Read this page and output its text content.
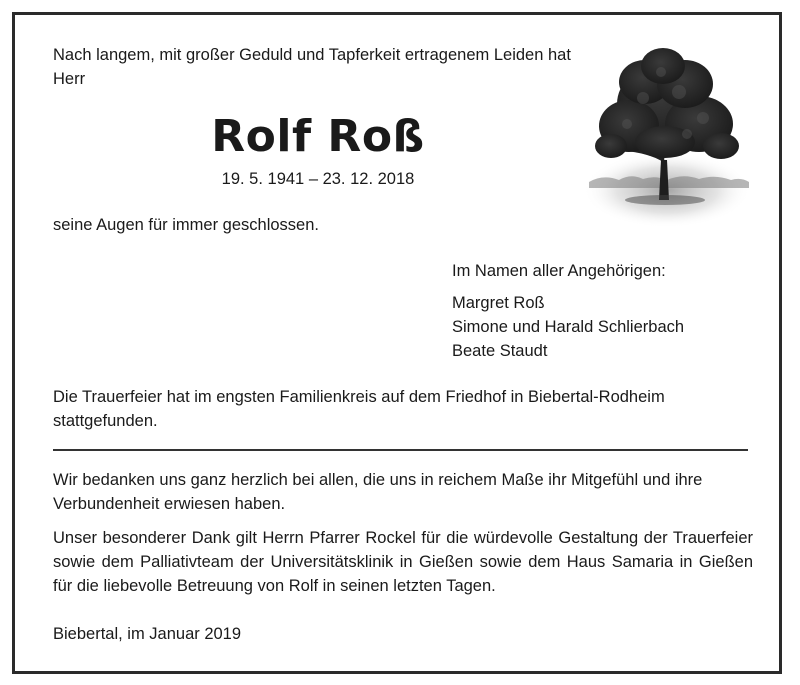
Nach langem, mit großer Geduld und Tapferkeit ertragenem Leiden hat Herr
Rolf Roß
19. 5. 1941 – 23. 12. 2018
seine Augen für immer geschlossen.
Im Namen aller Angehörigen:
Margret Roß
Simone und Harald Schlierbach
Beate Staudt
Die Trauerfeier hat im engsten Familienkreis auf dem Friedhof in Biebertal-Rodheim stattgefunden.
Wir bedanken uns ganz herzlich bei allen, die uns in reichem Maße ihr Mitgefühl und ihre Verbundenheit erwiesen haben.
Unser besonderer Dank gilt Herrn Pfarrer Rockel für die würdevolle Gestaltung der Trauerfeier sowie dem Palliativteam der Universitätsklinik in Gießen sowie dem Haus Samaria in Gießen für die liebevolle Betreuung von Rolf in seinen letzten Tagen.
Biebertal, im Januar 2019
